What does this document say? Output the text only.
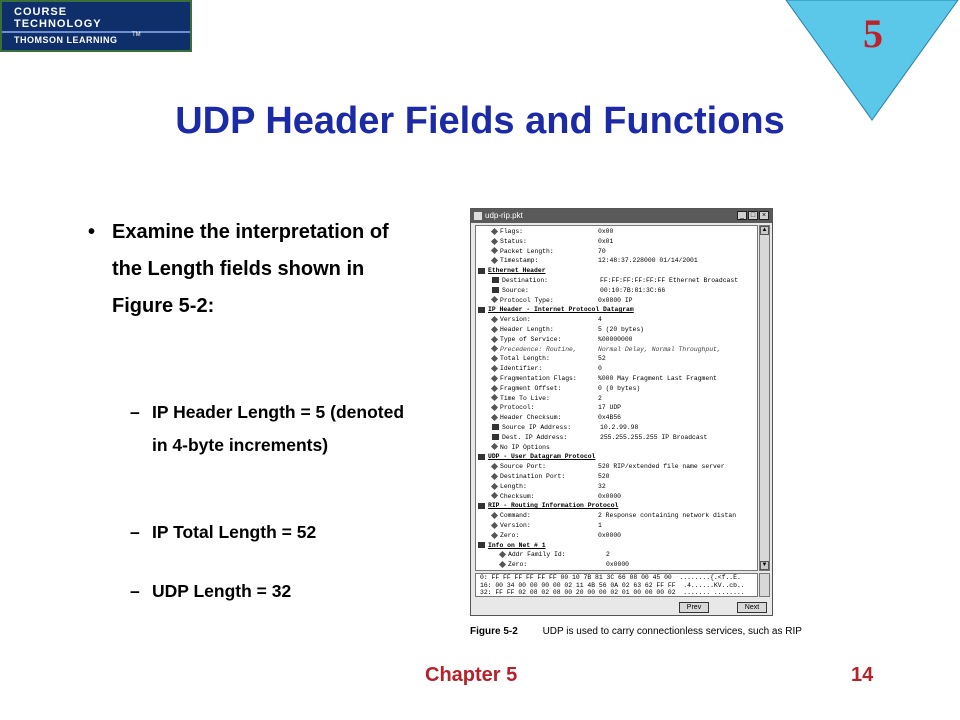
COURSE
TECHNOLOGY
THOMSON LEARNING TM	5
UDP Header Fields and Functions
• Examine the interpretation of the Length fields shown in Figure 5-2:
– IP Header Length = 5 (denoted in 4-byte increments)
– IP Total Length = 52
– UDP Length = 32
udp-rip.pkt	_ □ ×
Flags:	0x00
Status:	0x01
Packet Length:	70
Timestamp:	12:48:37.228000 01/14/2001
Ethernet Header
Destination:	FF:FF:FF:FF:FF:FF Ethernet Broadcast
Source:	00:10:7B:81:3C:66
Protocol Type:	0x0800 IP
IP Header - Internet Protocol Datagram
Version:	4
Header Length:	5 (20 bytes)
Type of Service:	%00000000
Precedence: Routine,	Normal Delay, Normal Throughput,
Total Length:	52
Identifier:	0
Fragmentation Flags:	%000 May Fragment Last Fragment
Fragment Offset:	0 (0 bytes)
Time To Live:	2
Protocol:	17 UDP
Header Checksum:	0x4B56
Source IP Address:	10.2.99.98
Dest. IP Address:	255.255.255.255 IP Broadcast
No IP Options
UDP - User Datagram Protocol
Source Port:	520 RIP/extended file name server
Destination Port:	520
Length:	32
Checksum:	0x0000
RIP - Routing Information Protocol
Command:	2 Response containing network distan
Version:	1
Zero:	0x0000
Info on Net # 1
Addr Family Id:	2
Zero:	0x0000
▲
▼
0: FF FF FF FF FF FF 00 10 7B 81 3C 66 08 00 45 00  ........{.<f..E.
16: 00 34 00 00 00 00 02 11 4B 56 0A 02 63 62 FF FF  .4......KV..cb..
32: FF FF 02 08 02 08 00 20 00 00 02 01 00 00 00 02  ....... ........
Prev	Next
Figure 5-2 UDP is used to carry connectionless services, such as RIP
Chapter 5	14
